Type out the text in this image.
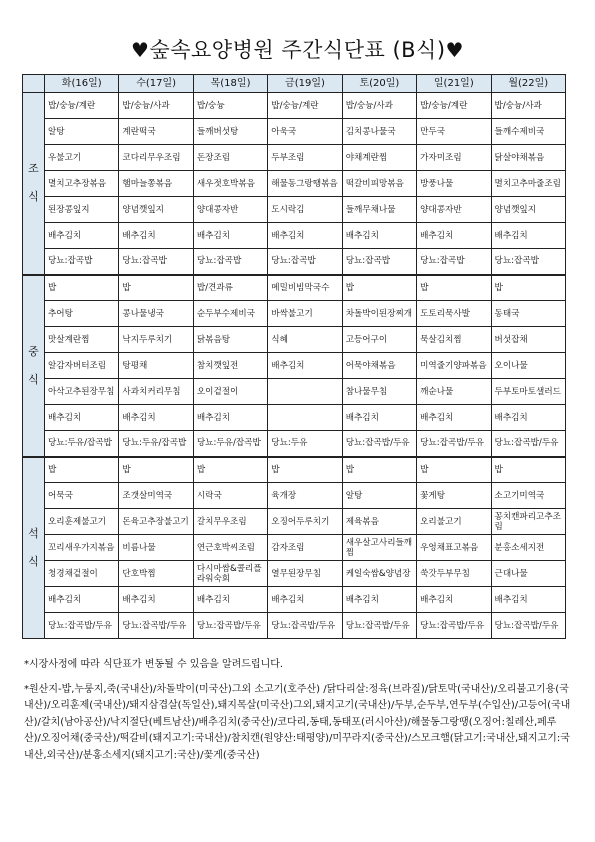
♥숲속요양병원 주간식단표 (B식)♥
	화(16일)	수(17일)	목(18일)	금(19일)	토(20일)	일(21일)	월(22일)

조
식	밥/숭늉/계란	밥/숭늉/사과	밥/숭늉	밥/숭늉/계란	밥/숭늉/사과	밥/숭늉/계란	밥/숭늉/사과
	알탕	계란떡국	들깨버섯탕	아욱국	김치콩나물국	만두국	들깨수제비국
	우불고기	코다리무우조림	돈장조림	두부조림	야채계란찜	가자미조림	닭살야채볶음
	멸치고추장볶음	햄마늘쫑볶음	새우젓호박볶음	해물동그랑땡볶음	떡갈비피망볶음	방풍나물	멸치고추마줄조림
	된장콩잎지	양념깻잎지	양대콩자반	도시락김	들깨무채나물	양대콩자반	양념깻잎지
	배추김치	배추김치	배추김치	배추김치	배추김치	배추김치	배추김치
	당뇨:잡곡밥	당뇨:잡곡밥	당뇨:잡곡밥	당뇨:잡곡밥	당뇨:잡곡밥	당뇨:잡곡밥	당뇨:잡곡밥

중
식	밥	밥	밥/견과류	메밀비빔막국수	밥	밥	밥
	추어탕	콩나물냉국	순두부수제비국	바싹불고기	차돌박이된장찌개	도토리묵사발	동태국
	맛살계란찜	낙지두루치기	닭볶음탕	식혜	고등어구이	묵살김치찜	버섯잡채
	알감자버터조림	탕평채	참치깻잎전	배추김치	어묵야채볶음	미역줄기양파볶음	오이나물
	아삭고추된장무침	사과치커리무침	오이겉절이		참나물무침	깨순나물	두부토마토샐러드
	배추김치	배추김치	배추김치		배추김치	배추김치	배추김치
	당뇨:두유/잡곡밥	당뇨:두유/잡곡밥	당뇨:두유/잡곡밥	당뇨:두유	당뇨:잡곡밥/두유	당뇨:잡곡밥/두유	당뇨:잡곡밥/두유

석
식	밥	밥	밥	밥	밥	밥	밥
	어묵국	조갯살미역국	시락국	육개장	알탕	꽃게탕	소고기미역국
	오리훈제불고기	돈육고추장불고기	갈치무우조림	오징어두루치기	제육볶음	오리불고기	꽁치캔파리고추조림
	꼬리새우가지볶음	비름나물	연근호박씨조림	감자조림	새우살고사리들깨찜	우엉채표고볶음	분홍소세지전
	청경채겉절이	단호박찜	다시마쌈&콜리플라워숙회	열무된장무침	케일숙쌈&양념장	쑥갓두부무침	근대나물
	배추김치	배추김치	배추김치	배추김치	배추김치	배추김치	배추김치
	당뇨:잡곡밥/두유	당뇨:잡곡밥/두유	당뇨:잡곡밥/두유	당뇨:잡곡밥/두유	당뇨:잡곡밥/두유	당뇨:잡곡밥/두유	당뇨:잡곡밥/두유

*시장사정에 따라 식단표가 변동될 수 있음을 알려드립니다.

*원산지-밥,누룽지,죽(국내산)/차돌박이(미국산)그외 소고기(호주산) /닭다리살:정육(브라질)/닭토막(국내산)/오리불고기용(국내산)/오리훈제(국내산)/돼지삼겹살(독일산),돼지목살(미국산)그외,돼지고기(국내산)/두부,순두부,연두부(수입산)/고등어(국내산)/갈치(남아공산)/낙지절단(베트남산)/배추김치(중국산)/코다리,동태,동태포(러시아산)/해물동그랑땡(오징어:칠레산,페루산)/오징어채(중국산)/떡갈비(돼지고기:국내산)/참치캔(원양산:태평양)/미꾸라지(중국산)/스모크햄(닭고기:국내산,돼지고기:국내산,외국산)/분홍소세지(돼지고기:국산)/꽃게(중국산)
